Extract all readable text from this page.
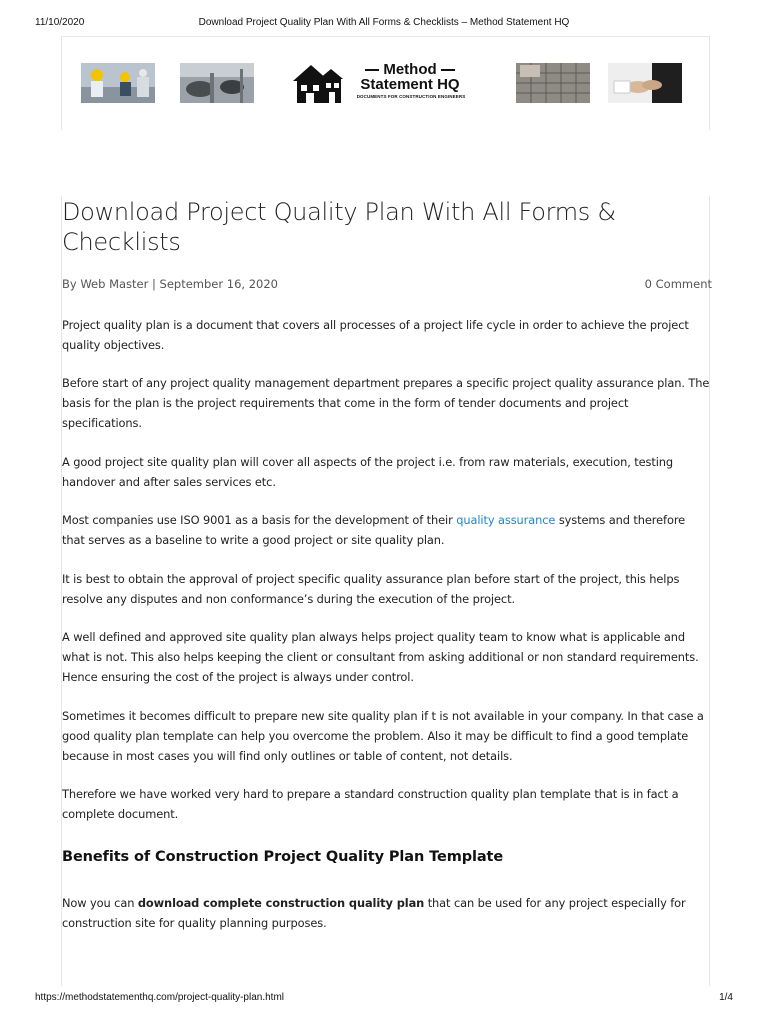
11/10/2020	Download Project Quality Plan With All Forms & Checklists – Method Statement HQ
Method
Statement HQ
DOCUMENTS FOR CONSTRUCTION ENGINEERS
Download Project Quality Plan With All Forms & Checklists
By Web Master | September 16, 2020	0 Comment

Project quality plan is a document that covers all processes of a project life cycle in order to achieve the project quality objectives.

Before start of any project quality management department prepares a specific project quality assurance plan. The basis for the plan is the project requirements that come in the form of tender documents and project specifications.

A good project site quality plan will cover all aspects of the project i.e. from raw materials, execution, testing handover and after sales services etc.

Most companies use ISO 9001 as a basis for the development of their quality assurance systems and therefore that serves as a baseline to write a good project or site quality plan.

It is best to obtain the approval of project specific quality assurance plan before start of the project, this helps resolve any disputes and non conformance’s during the execution of the project.

A well defined and approved site quality plan always helps project quality team to know what is applicable and what is not. This also helps keeping the client or consultant from asking additional or non standard requirements. Hence ensuring the cost of the project is always under control.

Sometimes it becomes difficult to prepare new site quality plan if t is not available in your company. In that case a good quality plan template can help you overcome the problem. Also it may be difficult to find a good template because in most cases you will find only outlines or table of content, not details.

Therefore we have worked very hard to prepare a standard construction quality plan template that is in fact a complete document.

Benefits of Construction Project Quality Plan Template

Now you can download complete construction quality plan that can be used for any project especially for construction site for quality planning purposes.

https://methodstatementhq.com/project-quality-plan.html	1/4
